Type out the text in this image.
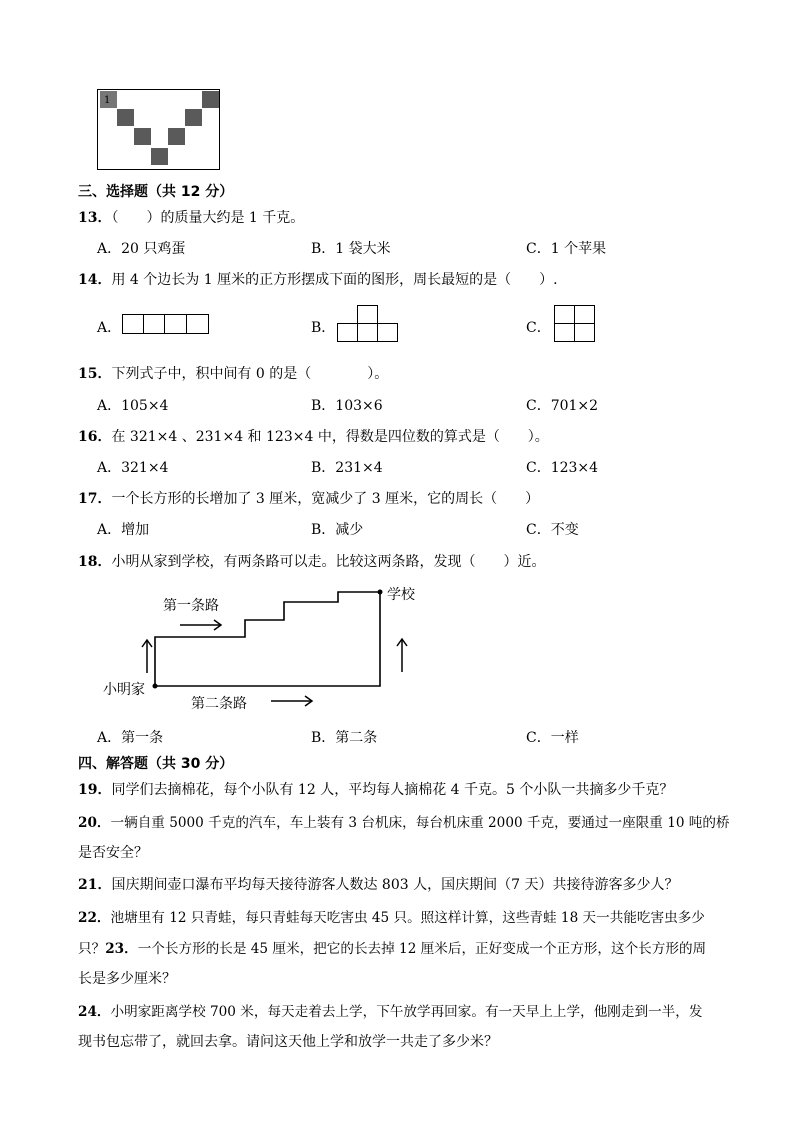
1
三、选择题（共 12 分）
13．（　　）的质量大约是 1 千克。
A．20 只鸡蛋	B．1 袋大米	C．1 个苹果
14．用 4 个边长为 1 厘米的正方形摆成下面的图形，周长最短的是（　　）.
A．	B．	C．
15．下列式子中，积中间有 0 的是（　　　　）。
A．105×4	B．103×6	C．701×2
16．在 321×4 、231×4 和 123×4 中，得数是四位数的算式是（　　）。
A．321×4	B．231×4	C．123×4
17．一个长方形的长增加了 3 厘米，宽减少了 3 厘米，它的周长（　　）
A．增加	B．减少	C．不变
18．小明从家到学校，有两条路可以走。比较这两条路，发现（　　）近。
第一条路
学校
小明家
第二条路
A．第一条	B．第二条	C．一样
四、解答题（共 30 分）
19．同学们去摘棉花，每个小队有 12 人，平均每人摘棉花 4 千克。5 个小队一共摘多少千克？
20．一辆自重 5000 千克的汽车，车上装有 3 台机床，每台机床重 2000 千克，要通过一座限重 10 吨的桥
是否安全？
21．国庆期间壶口瀑布平均每天接待游客人数达 803 人，国庆期间（7 天）共接待游客多少人？
22．池塘里有 12 只青蛙，每只青蛙每天吃害虫 45 只。照这样计算，这些青蛙 18 天一共能吃害虫多少
只？23．一个长方形的长是 45 厘米，把它的长去掉 12 厘米后，正好变成一个正方形，这个长方形的周
长是多少厘米？
24．小明家距离学校 700 米，每天走着去上学，下午放学再回家。有一天早上上学，他刚走到一半，发
现书包忘带了，就回去拿。请问这天他上学和放学一共走了多少米？
